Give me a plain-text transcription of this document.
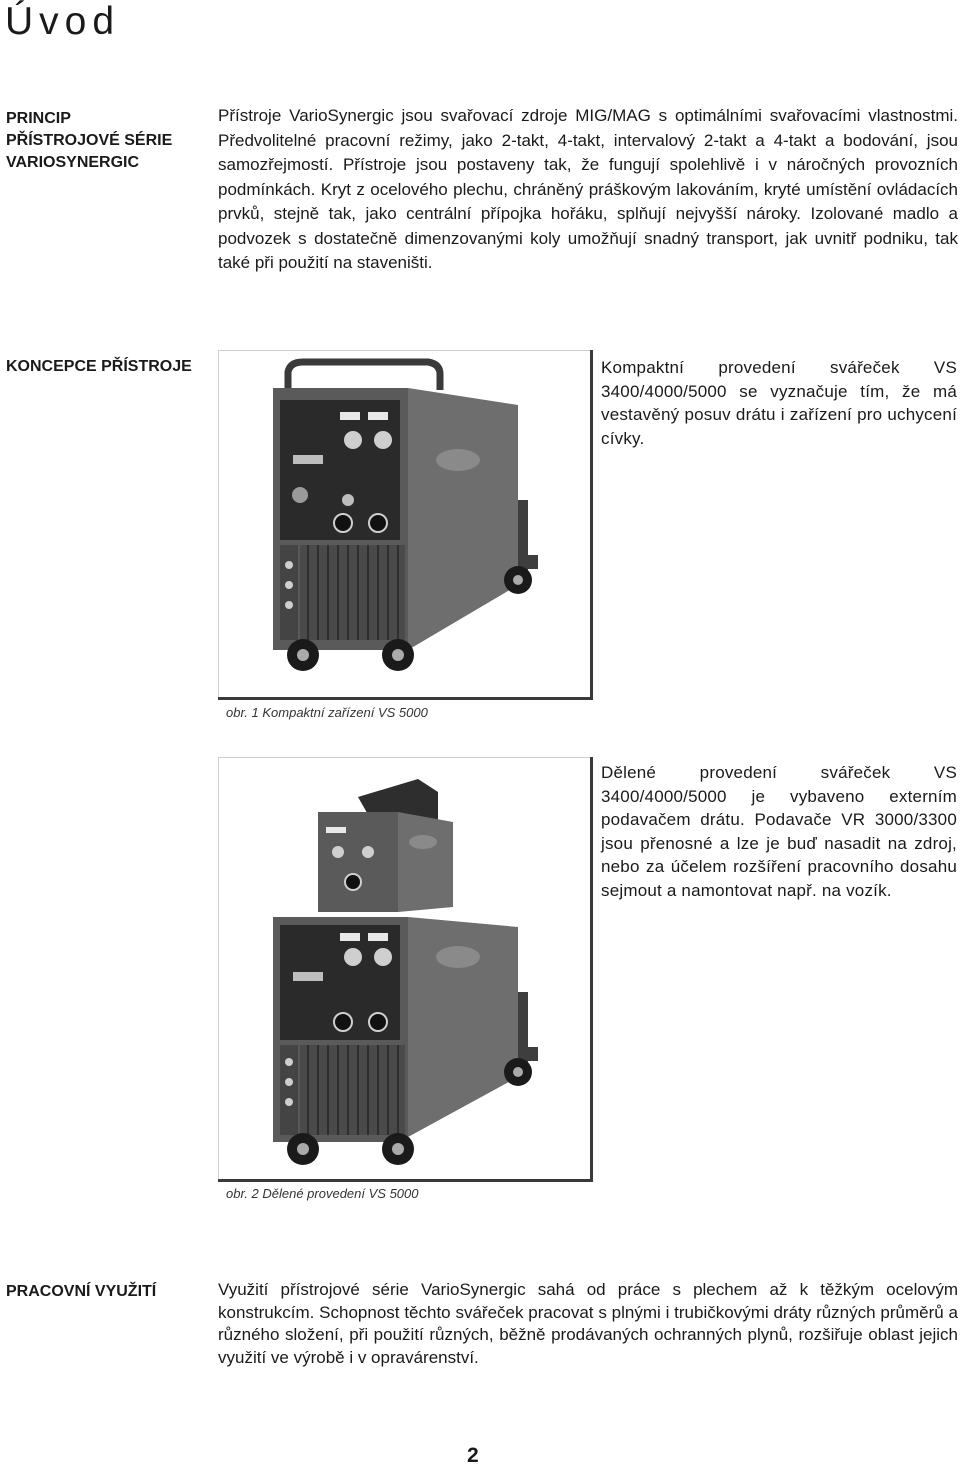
Úvod
PRINCIP
PŘÍSTROJOVÉ SÉRIE
VARIOSYNERGIC

Přístroje VarioSynergic jsou svařovací zdroje MIG/MAG s optimálními svařovacími vlastnostmi. Předvolitelné pracovní režimy, jako 2-takt, 4-takt, intervalový 2-takt a 4-takt a bodování, jsou samozřejmostí. Přístroje jsou postaveny tak, že fungují spolehlivě i v náročných provozních podmínkách. Kryt z ocelového plechu, chráněný práškovým lakováním, kryté umístění ovládacích prvků, stejně tak, jako centrální přípojka hořáku, splňují nejvyšší nároky. Izolované madlo a podvozek s dostatečně dimenzovanými koly umožňují snadný transport, jak uvnitř podniku, tak také při použití na staveništi.

KONCEPCE PŘÍSTROJE
obr. 1 Kompaktní zařízení VS 5000

Kompaktní provedení svářeček VS 3400/4000/5000 se vyznačuje tím, že má vestavěný posuv drátu i zařízení pro uchycení cívky.

obr. 2 Dělené provedení VS 5000

Dělené provedení svářeček VS 3400/4000/5000 je vybaveno externím podavačem drátu. Podavače VR 3000/3300 jsou přenosné a lze je buď nasadit na zdroj, nebo za účelem rozšíření pracovního dosahu sejmout a namontovat např. na vozík.

PRACOVNÍ VYUŽITÍ	Využití přístrojové série VarioSynergic sahá od práce s plechem až k těžkým ocelovým konstrukcím. Schopnost těchto svářeček pracovat s plnými i trubičkovými dráty různých průměrů a různého složení, při použití různých, běžně prodávaných ochranných plynů, rozšiřuje oblast jejich využití ve výrobě i v opravárenství.

2
